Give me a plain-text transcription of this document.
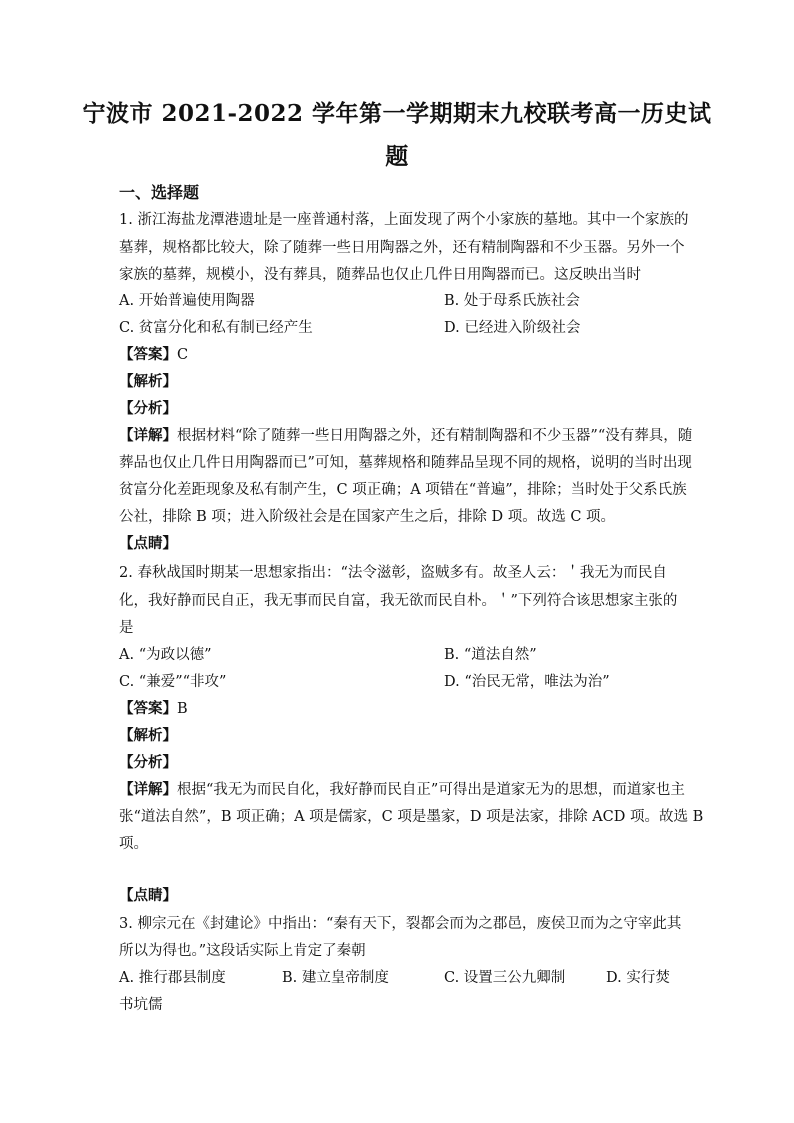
宁波市 2021-2022 学年第一学期期末九校联考高一历史试
题
一、选择题
1. 浙江海盐龙潭港遗址是一座普通村落，上面发现了两个小家族的墓地。其中一个家族的
墓葬，规格都比较大，除了随葬一些日用陶器之外，还有精制陶器和不少玉器。另外一个
家族的墓葬，规模小，没有葬具，随葬品也仅止几件日用陶器而已。这反映出当时
A. 开始普遍使用陶器	B. 处于母系氏族社会
C. 贫富分化和私有制已经产生	D. 已经进入阶级社会
【答案】C
【解析】
【分析】
【详解】根据材料“除了随葬一些日用陶器之外，还有精制陶器和不少玉器”“没有葬具，随
葬品也仅止几件日用陶器而已”可知，墓葬规格和随葬品呈现不同的规格，说明的当时出现
贫富分化差距现象及私有制产生，C 项正确；A 项错在“普遍”，排除；当时处于父系氏族
公社，排除 B 项；进入阶级社会是在国家产生之后，排除 D 项。故选 C 项。
【点睛】
2. 春秋战国时期某一思想家指出：“法令滋彰，盗贼多有。故圣人云：＇我无为而民自
化，我好静而民自正，我无事而民自富，我无欲而民自朴。＇”下列符合该思想家主张的
是
A. “为政以德”	B. “道法自然”
C. “兼爱”“非攻”	D. “治民无常，唯法为治”
【答案】B
【解析】
【分析】
【详解】根据“我无为而民自化，我好静而民自正”可得出是道家无为的思想，而道家也主
张“道法自然”，B 项正确；A 项是儒家，C 项是墨家，D 项是法家，排除 ACD 项。故选 B
项。
【点睛】
3. 柳宗元在《封建论》中指出：“秦有天下，裂都会而为之郡邑，废侯卫而为之守宰此其
所以为得也。”这段话实际上肯定了秦朝
A. 推行郡县制度	B. 建立皇帝制度	C. 设置三公九卿制	D. 实行焚
书坑儒
